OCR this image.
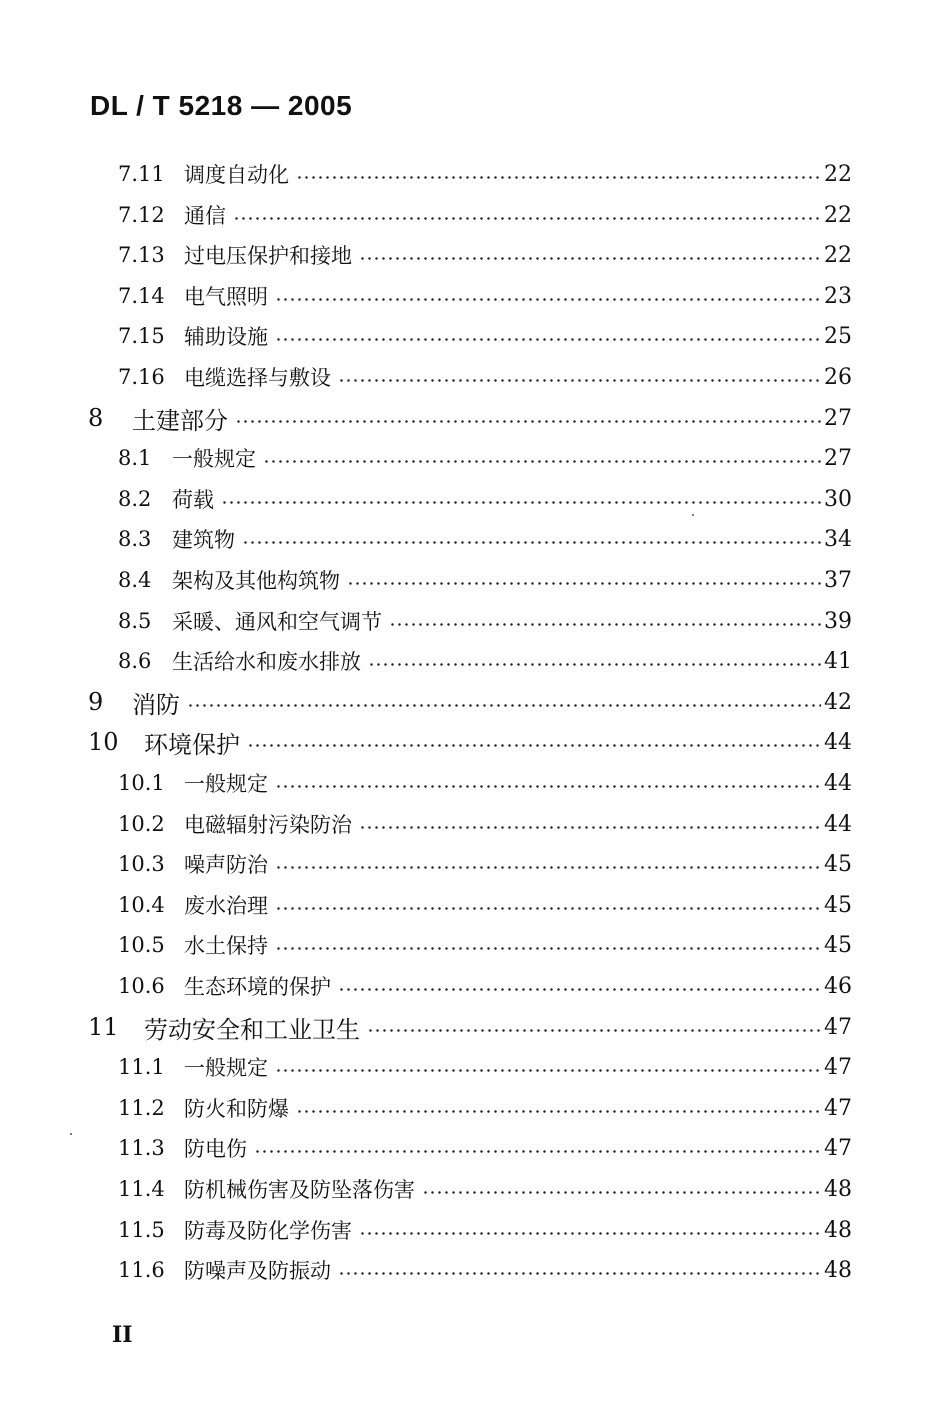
DL / T 5218 — 2005
7.11 调度自动化	22
7.12 通信	22
7.13 过电压保护和接地	22
7.14 电气照明	23
7.15 辅助设施	25
7.16 电缆选择与敷设	26
8	土建部分	27
8.1 一般规定	27
8.2 荷载	30
8.3 建筑物	34
8.4 架构及其他构筑物	37
8.5 采暖、通风和空气调节	39
8.6 生活给水和废水排放	41
9	消防	42
10	环境保护	44
10.1 一般规定	44
10.2 电磁辐射污染防治	44
10.3 噪声防治	45
10.4 废水治理	45
10.5 水土保持	45
10.6 生态环境的保护	46
11	劳动安全和工业卫生	47
11.1 一般规定	47
11.2 防火和防爆	47
11.3 防电伤	47
11.4 防机械伤害及防坠落伤害	48
11.5 防毒及防化学伤害	48
11.6 防噪声及防振动	48
II
